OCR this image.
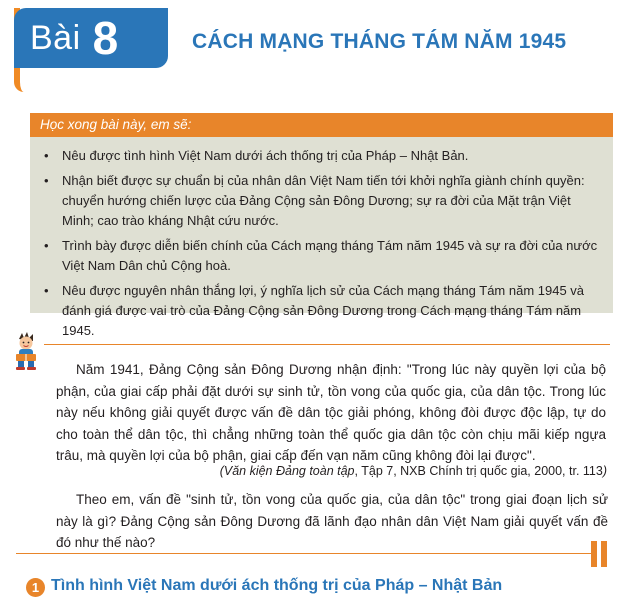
Bài 8	CÁCH MẠNG THÁNG TÁM NĂM 1945
Học xong bài này, em sẽ:
• Nêu được tình hình Việt Nam dưới ách thống trị của Pháp – Nhật Bản.
• Nhận biết được sự chuẩn bị của nhân dân Việt Nam tiến tới khởi nghĩa giành chính quyền: chuyển hướng chiến lược của Đảng Cộng sản Đông Dương; sự ra đời của Mặt trận Việt Minh; cao trào kháng Nhật cứu nước.
• Trình bày được diễn biến chính của Cách mạng tháng Tám năm 1945 và sự ra đời của nước Việt Nam Dân chủ Cộng hoà.
• Nêu được nguyên nhân thắng lợi, ý nghĩa lịch sử của Cách mạng tháng Tám năm 1945 và đánh giá được vai trò của Đảng Cộng sản Đông Dương trong Cách mạng tháng Tám năm 1945.

Năm 1941, Đảng Cộng sản Đông Dương nhận định: "Trong lúc này quyền lợi của bộ phận, của giai cấp phải đặt dưới sự sinh tử, tồn vong của quốc gia, của dân tộc. Trong lúc này nếu không giải quyết được vấn đề dân tộc giải phóng, không đòi được độc lập, tự do cho toàn thể dân tộc, thì chẳng những toàn thể quốc gia dân tộc còn chịu mãi kiếp ngựa trâu, mà quyền lợi của bộ phận, giai cấp đến vạn năm cũng không đòi lại được".

(Văn kiện Đảng toàn tập, Tập 7, NXB Chính trị quốc gia, 2000, tr. 113)

Theo em, vấn đề "sinh tử, tồn vong của quốc gia, của dân tộc" trong giai đoạn lịch sử này là gì? Đảng Cộng sản Đông Dương đã lãnh đạo nhân dân Việt Nam giải quyết vấn đề đó như thế nào?

1 Tình hình Việt Nam dưới ách thống trị của Pháp – Nhật Bản
